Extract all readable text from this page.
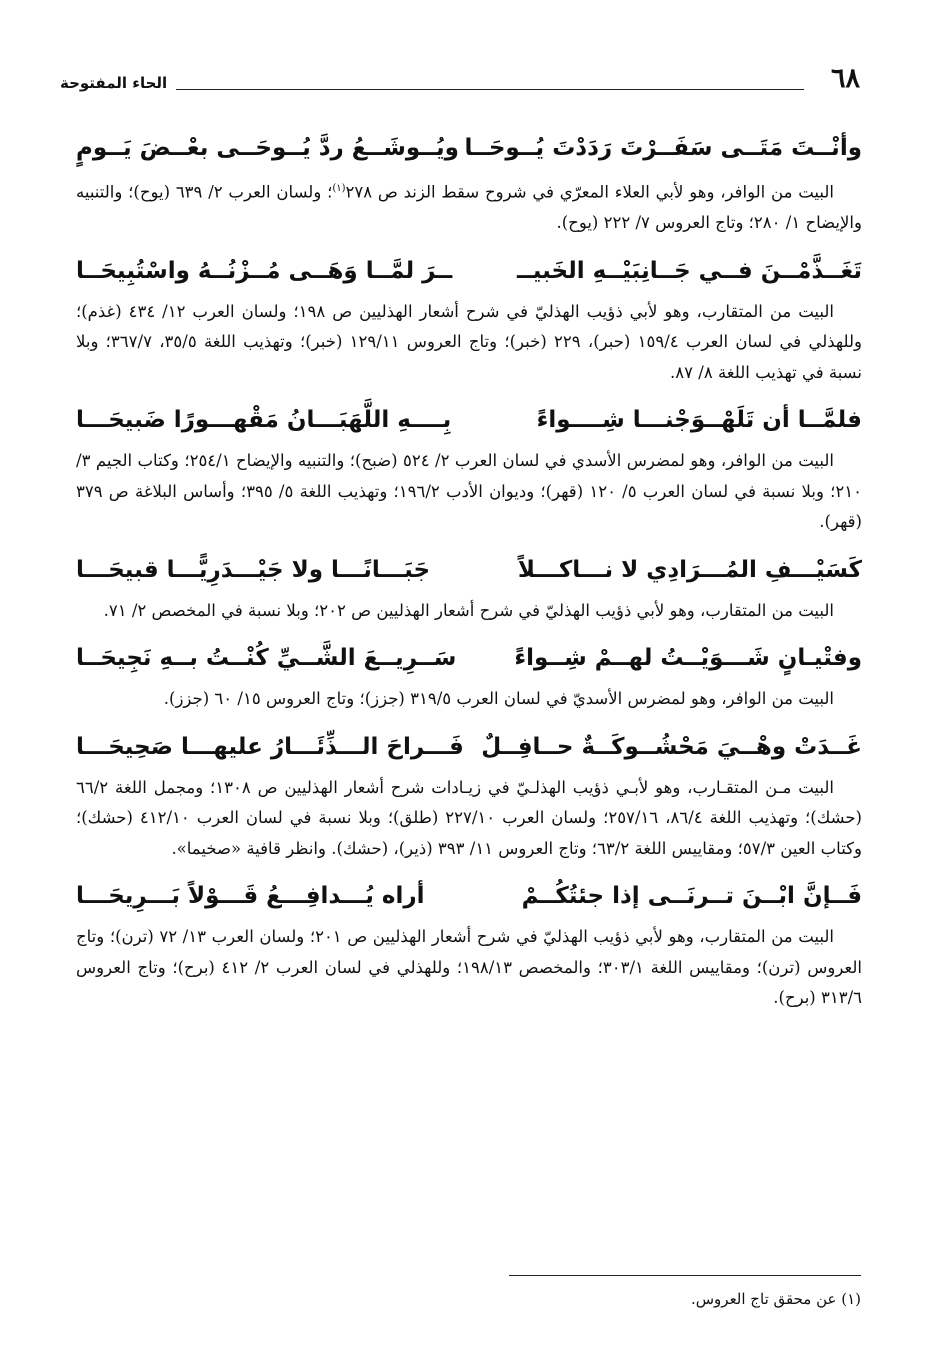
٦٨
الحاء المفتوحة
وأنْــتَ مَتَــى سَفَــرْتَ رَدَدْتَ يُــوحَــا
ويُــوشَــعُ ردَّ يُــوحَــى بعْــضَ يَــومٍ

البيت من الوافر، وهو لأبي العلاء المعرّي في شروح سقط الزند ص ٢٧٨$^{(١)}$؛ ولسان العرب ٢/ ٦٣٩ (يوح)؛ والتنبيه والإيضاح ١/ ٢٨٠؛ وتاج العروس ٧/ ٢٢٢ (يوح).

تَغَــذَّمْــنَ فــي جَــانِبَيْــهِ الخَبيــ
ــرَ لمَّــا وَهَــى مُــزْنُــهُ واسْتُبِيحَــا

البيت من المتقارب، وهو لأبي ذؤيب الهذليّ في شرح أشعار الهذليين ص ١٩٨؛ ولسان العرب ١٢/ ٤٣٤ (غذم)؛ وللهذلي في لسان العرب ١٥٩/٤ (حبر)، ٢٢٩ (خبر)؛ وتاج العروس ١٢٩/١١ (خبر)؛ وتهذيب اللغة ٣٥/٥، ٣٦٧/٧؛ وبلا نسبة في تهذيب اللغة ٨/ ٨٧.

فلمَّــا أن تَلَهْــوَجْنـــا شِــــواءً
بِــــهِ اللَّهَبَـــانُ مَقْهـــورًا ضَبيحَـــا

البيت من الوافر، وهو لمضرس الأسدي في لسان العرب ٢/ ٥٢٤ (ضبح)؛ والتنبيه والإيضاح ٢٥٤/١؛ وكتاب الجيم ٣/ ٢١٠؛ وبلا نسبة في لسان العرب ٥/ ١٢٠ (قهر)؛ وديوان الأدب ١٩٦/٢؛ وتهذيب اللغة ٥/ ٣٩٥؛ وأساس البلاغة ص ٣٧٩ (قهر).

كَسَيْـــفِ المُـــرَادِي لا نـــاكـــلاً
جَبَـــانًـــا ولا جَيْـــدَرِيًّـــا قبيحَـــا

البيت من المتقارب، وهو لأبي ذؤيب الهذليّ في شرح أشعار الهذليين ص ٢٠٢؛ وبلا نسبة في المخصص ٢/ ٧١.

وفتْيـانٍ شَـــوَيْــتُ لهــمْ شِــواءً
سَــرِيــعَ الشَّــيِّ كُنْــتُ بــهِ نَجِيحَــا

البيت من الوافر، وهو لمضرس الأسديّ في لسان العرب ٣١٩/٥ (جزز)؛ وتاج العروس ١٥/ ٦٠ (جزز).

غَــدَتْ وهْــيَ مَحْشُــوكَــةٌ حــافِــلٌ
فَـــراحَ الـــذِّئَـــارُ عليهـــا صَحِيحَـــا

البيت مـن المتقـارب، وهو لأبـي ذؤيب الهذلـيّ في زيـادات شرح أشعار الهذليين ص ١٣٠٨؛ ومجمل اللغة ٦٦/٢ (حشك)؛ وتهذيب اللغة ٨٦/٤، ٢٥٧/١٦؛ ولسان العرب ٢٢٧/١٠ (طلق)؛ وبلا نسبة في لسان العرب ٤١٢/١٠ (حشك)؛ وكتاب العين ٥٧/٣؛ ومقاييس اللغة ٦٣/٢؛ وتاج العروس ١١/ ٣٩٣ (ذير)، (حشك). وانظر قافية «صخيما».

فَــإنَّ ابْــنَ تــرنَــى إذا جئتُكُــمْ
أراه يُـــدافِـــعُ قَـــوْلاً بَـــرِيحَـــا

البيت من المتقارب، وهو لأبي ذؤيب الهذليّ في شرح أشعار الهذليين ص ٢٠١؛ ولسان العرب ١٣/ ٧٢ (ترن)؛ وتاج العروس (ترن)؛ ومقاييس اللغة ٣٠٣/١؛ والمخصص ١٩٨/١٣؛ وللهذلي في لسان العرب ٢/ ٤١٢ (برح)؛ وتاج العروس ٣١٣/٦ (برح).

(١) عن محقق تاج العروس.
